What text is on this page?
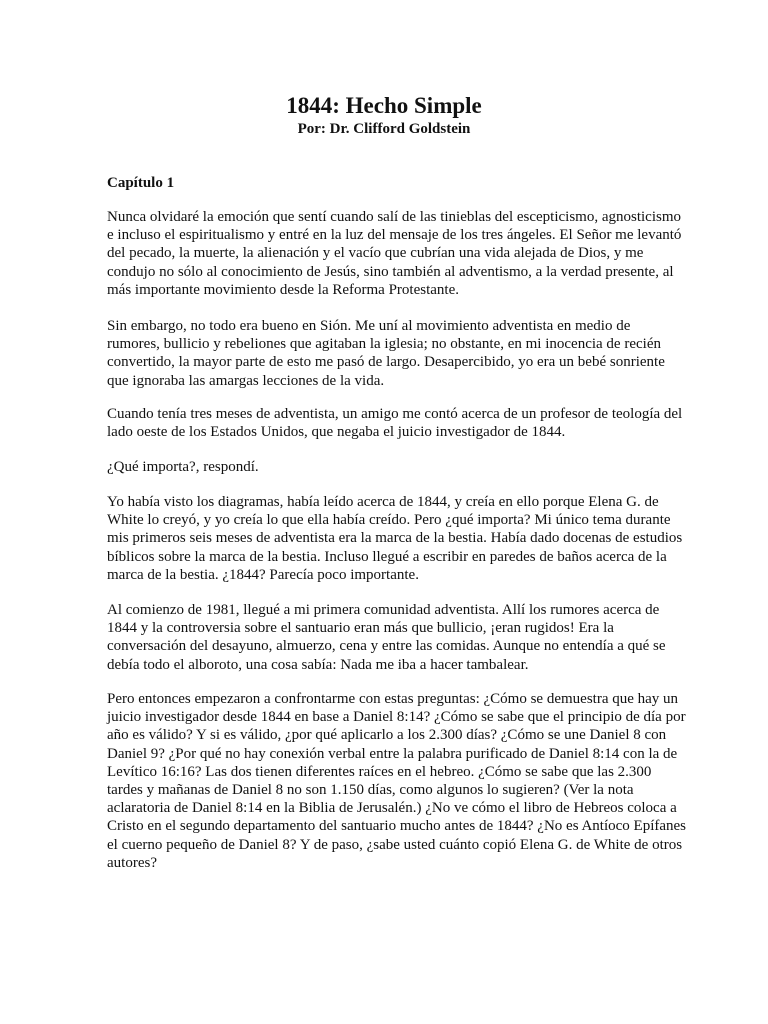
1844: Hecho Simple
Por: Dr. Clifford Goldstein
Capítulo 1

Nunca olvidaré la emoción que sentí cuando salí de las tinieblas del escepticismo, agnosticismo
e incluso el espiritualismo y entré en la luz del mensaje de los tres ángeles. El Señor me levantó
del pecado, la muerte, la alienación y el vacío que cubrían una vida alejada de Dios, y me
condujo no sólo al conocimiento de Jesús, sino también al adventismo, a la verdad presente, al
más importante movimiento desde la Reforma Protestante.

Sin embargo, no todo era bueno en Sión. Me uní al movimiento adventista en medio de
rumores, bullicio y rebeliones que agitaban la iglesia; no obstante, en mi inocencia de recién
convertido, la mayor parte de esto me pasó de largo. Desapercibido, yo era un bebé sonriente
que ignoraba las amargas lecciones de la vida.

Cuando tenía tres meses de adventista, un amigo me contó acerca de un profesor de teología del
lado oeste de los Estados Unidos, que negaba el juicio investigador de 1844.

¿Qué importa?, respondí.

Yo había visto los diagramas, había leído acerca de 1844, y creía en ello porque Elena G. de
White lo creyó, y yo creía lo que ella había creído. Pero ¿qué importa? Mi único tema durante
mis primeros seis meses de adventista era la marca de la bestia. Había dado docenas de estudios
bíblicos sobre la marca de la bestia. Incluso llegué a escribir en paredes de baños acerca de la
marca de la bestia. ¿1844? Parecía poco importante.

Al comienzo de 1981, llegué a mi primera comunidad adventista. Allí los rumores acerca de
1844 y la controversia sobre el santuario eran más que bullicio, ¡eran rugidos! Era la
conversación del desayuno, almuerzo, cena y entre las comidas. Aunque no entendía a qué se
debía todo el alboroto, una cosa sabía: Nada me iba a hacer tambalear.

Pero entonces empezaron a confrontarme con estas preguntas: ¿Cómo se demuestra que hay un
juicio investigador desde 1844 en base a Daniel 8:14? ¿Cómo se sabe que el principio de día por
año es válido? Y si es válido, ¿por qué aplicarlo a los 2.300 días? ¿Cómo se une Daniel 8 con
Daniel 9? ¿Por qué no hay conexión verbal entre la palabra purificado de Daniel 8:14 con la de
Levítico 16:16? Las dos tienen diferentes raíces en el hebreo. ¿Cómo se sabe que las 2.300
tardes y mañanas de Daniel 8 no son 1.150 días, como algunos lo sugieren? (Ver la nota
aclaratoria de Daniel 8:14 en la Biblia de Jerusalén.) ¿No ve cómo el libro de Hebreos coloca a
Cristo en el segundo departamento del santuario mucho antes de 1844? ¿No es Antíoco Epífanes
el cuerno pequeño de Daniel 8? Y de paso, ¿sabe usted cuánto copió Elena G. de White de otros
autores?
